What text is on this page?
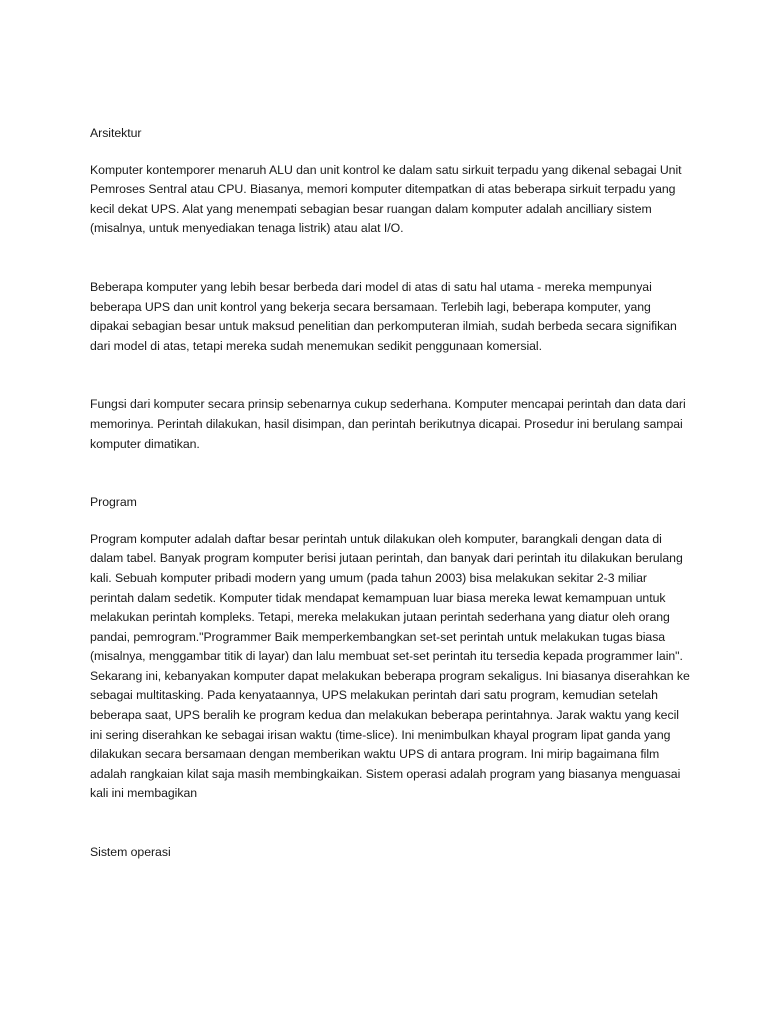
Arsitektur

Komputer kontemporer menaruh ALU dan unit kontrol ke dalam satu sirkuit terpadu yang dikenal sebagai Unit Pemroses Sentral atau CPU. Biasanya, memori komputer ditempatkan di atas beberapa sirkuit terpadu yang kecil dekat UPS. Alat yang menempati sebagian besar ruangan dalam komputer adalah ancilliary sistem (misalnya, untuk menyediakan tenaga listrik) atau alat I/O.

Beberapa komputer yang lebih besar berbeda dari model di atas di satu hal utama - mereka mempunyai beberapa UPS dan unit kontrol yang bekerja secara bersamaan. Terlebih lagi, beberapa komputer, yang dipakai sebagian besar untuk maksud penelitian dan perkomputeran ilmiah, sudah berbeda secara signifikan dari model di atas, tetapi mereka sudah menemukan sedikit penggunaan komersial.

Fungsi dari komputer secara prinsip sebenarnya cukup sederhana. Komputer mencapai perintah dan data dari memorinya. Perintah dilakukan, hasil disimpan, dan perintah berikutnya dicapai. Prosedur ini berulang sampai komputer dimatikan.

Program

Program komputer adalah daftar besar perintah untuk dilakukan oleh komputer, barangkali dengan data di dalam tabel. Banyak program komputer berisi jutaan perintah, dan banyak dari perintah itu dilakukan berulang kali. Sebuah komputer pribadi modern yang umum (pada tahun 2003) bisa melakukan sekitar 2-3 miliar perintah dalam sedetik. Komputer tidak mendapat kemampuan luar biasa mereka lewat kemampuan untuk melakukan perintah kompleks. Tetapi, mereka melakukan jutaan perintah sederhana yang diatur oleh orang pandai, pemrogram."Programmer Baik memperkembangkan set-set perintah untuk melakukan tugas biasa (misalnya, menggambar titik di layar) dan lalu membuat set-set perintah itu tersedia kepada programmer lain". Sekarang ini, kebanyakan komputer dapat melakukan beberapa program sekaligus. Ini biasanya diserahkan ke sebagai multitasking. Pada kenyataannya, UPS melakukan perintah dari satu program, kemudian setelah beberapa saat, UPS beralih ke program kedua dan melakukan beberapa perintahnya. Jarak waktu yang kecil ini sering diserahkan ke sebagai irisan waktu (time-slice). Ini menimbulkan khayal program lipat ganda yang dilakukan secara bersamaan dengan memberikan waktu UPS di antara program. Ini mirip bagaimana film adalah rangkaian kilat saja masih membingkaikan. Sistem operasi adalah program yang biasanya menguasai kali ini membagikan

Sistem operasi
